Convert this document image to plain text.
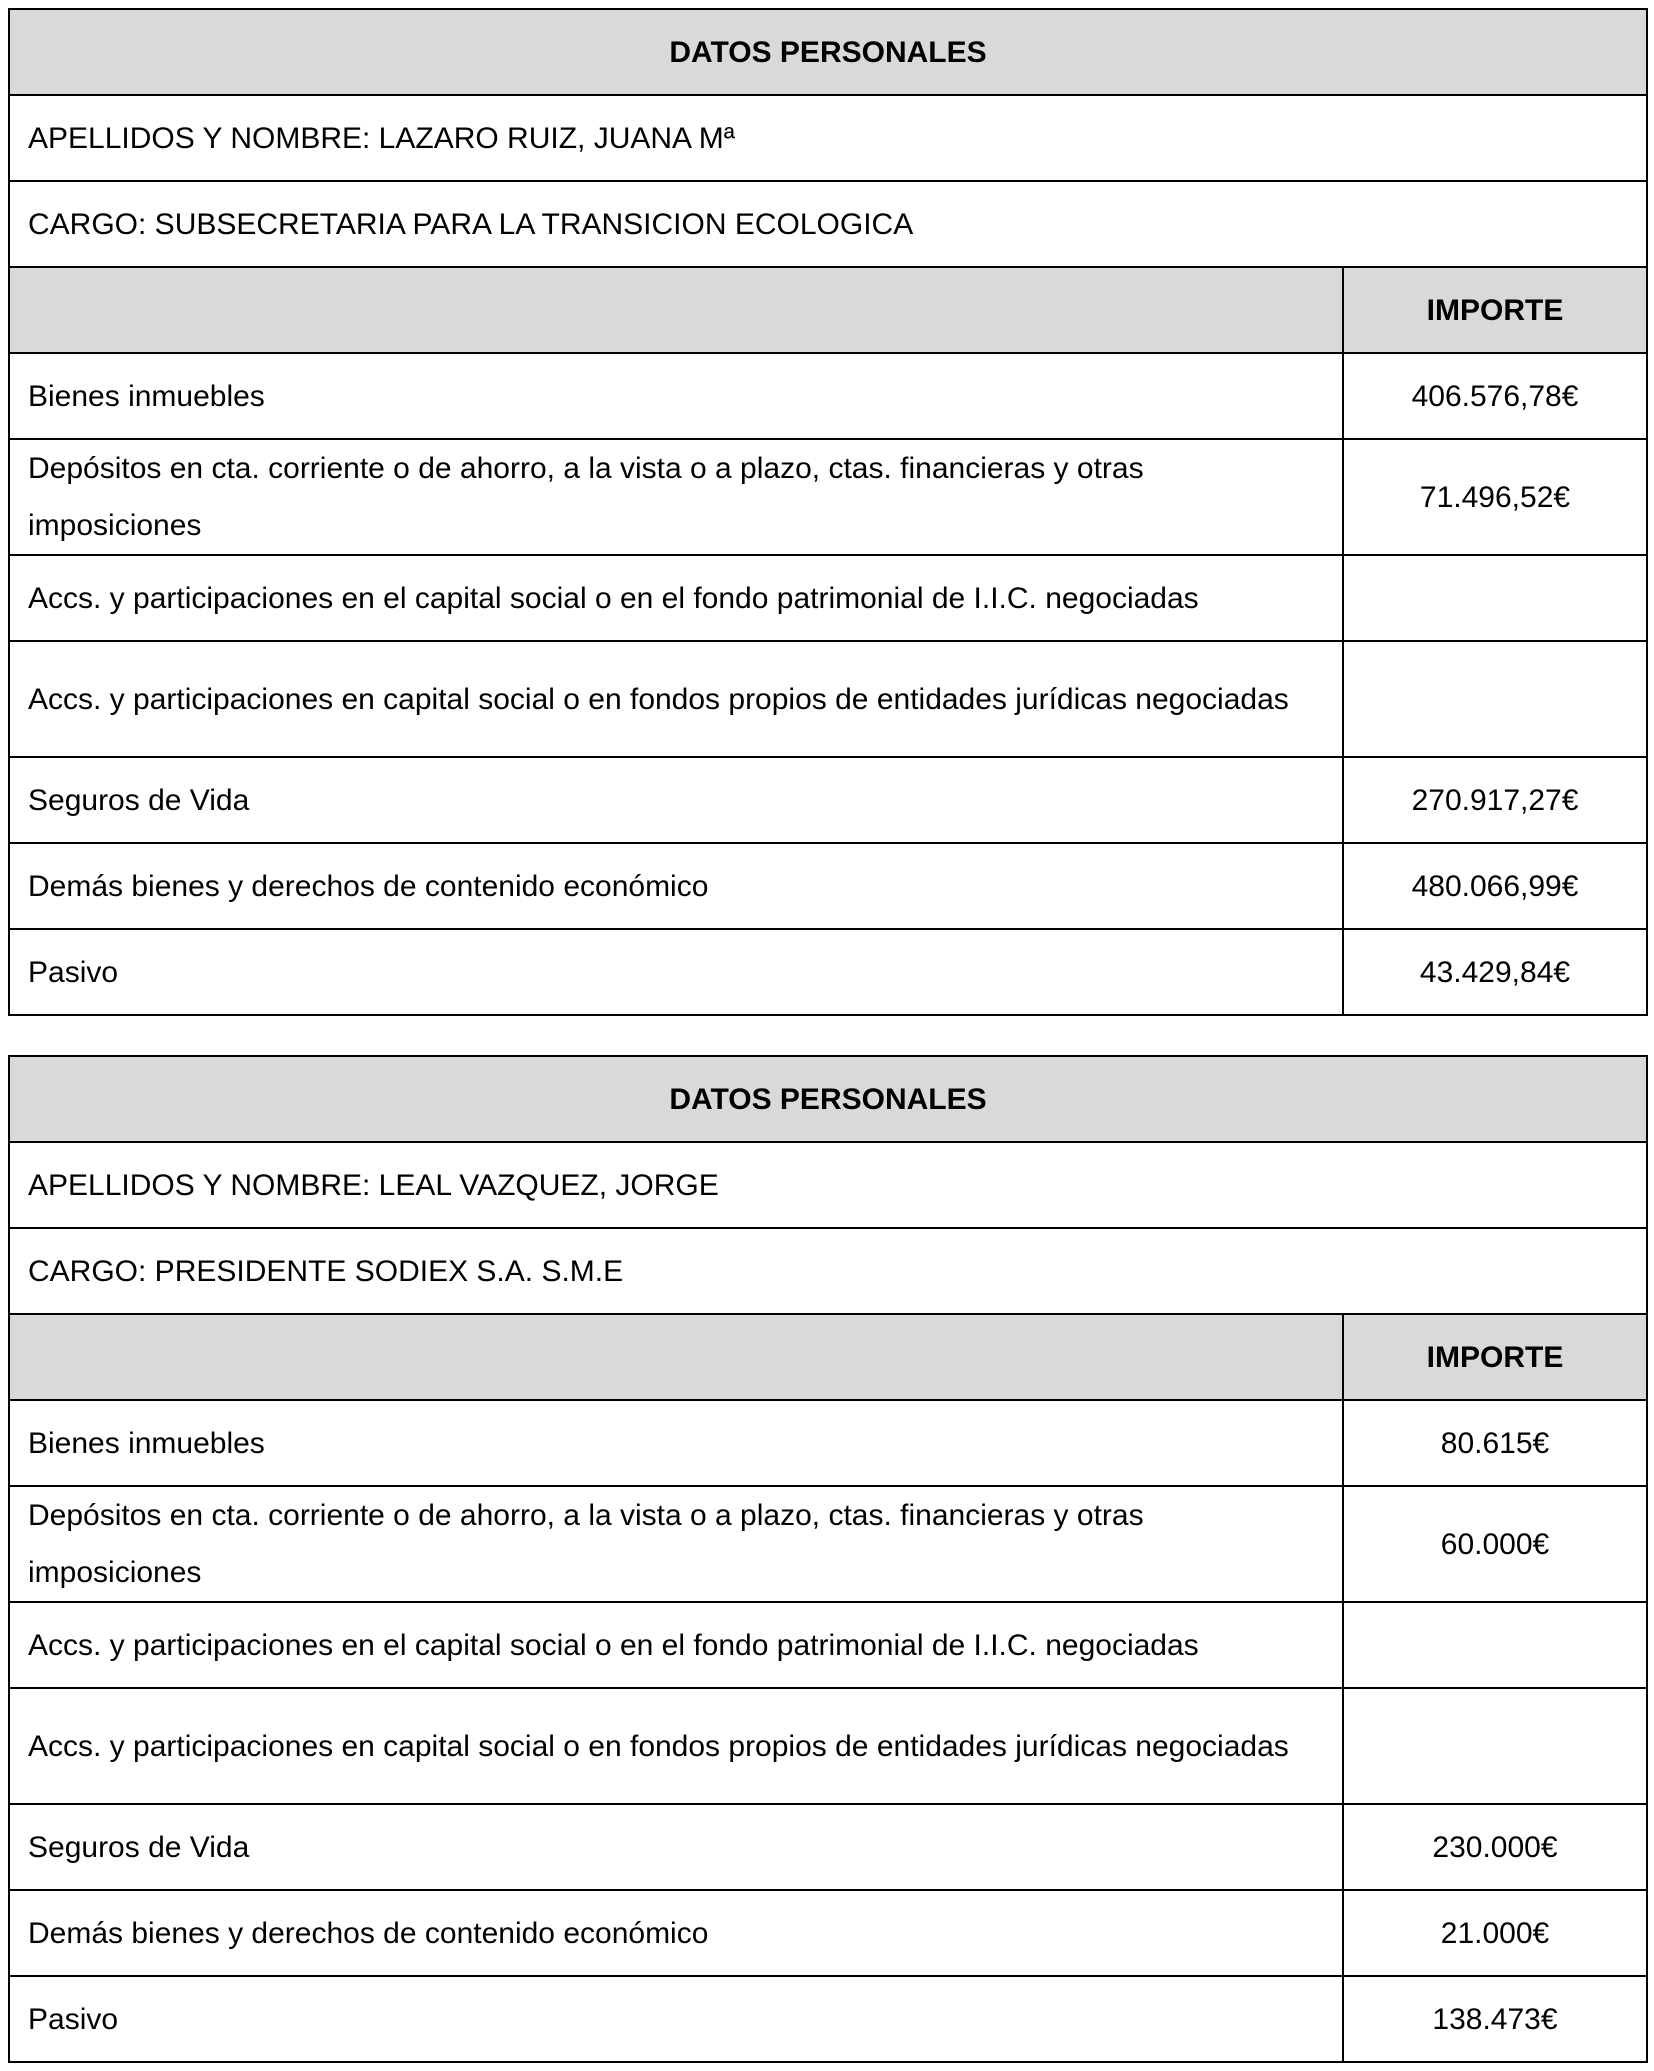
DATOS PERSONALES	
APELLIDOS Y NOMBRE: LAZARO RUIZ, JUANA Mª	
CARGO: SUBSECRETARIA PARA LA TRANSICION ECOLOGICA	
	IMPORTE
Bienes inmuebles	406.576,78€
Depósitos en cta. corriente o de ahorro, a la vista o a plazo, ctas. financieras y otras imposiciones	71.496,52€
Accs. y participaciones en el capital social o en el fondo patrimonial de I.I.C. negociadas	
Accs. y participaciones en capital social o en fondos propios de entidades jurídicas negociadas	
Seguros de Vida	270.917,27€
Demás bienes y derechos de contenido económico	480.066,99€
Pasivo	43.429,84€
DATOS PERSONALES	
APELLIDOS Y NOMBRE: LEAL VAZQUEZ, JORGE	
CARGO: PRESIDENTE SODIEX S.A. S.M.E	
	IMPORTE
Bienes inmuebles	80.615€
Depósitos en cta. corriente o de ahorro, a la vista o a plazo, ctas. financieras y otras imposiciones	60.000€
Accs. y participaciones en el capital social o en el fondo patrimonial de I.I.C. negociadas	
Accs. y participaciones en capital social o en fondos propios de entidades jurídicas negociadas	
Seguros de Vida	230.000€
Demás bienes y derechos de contenido económico	21.000€
Pasivo	138.473€
